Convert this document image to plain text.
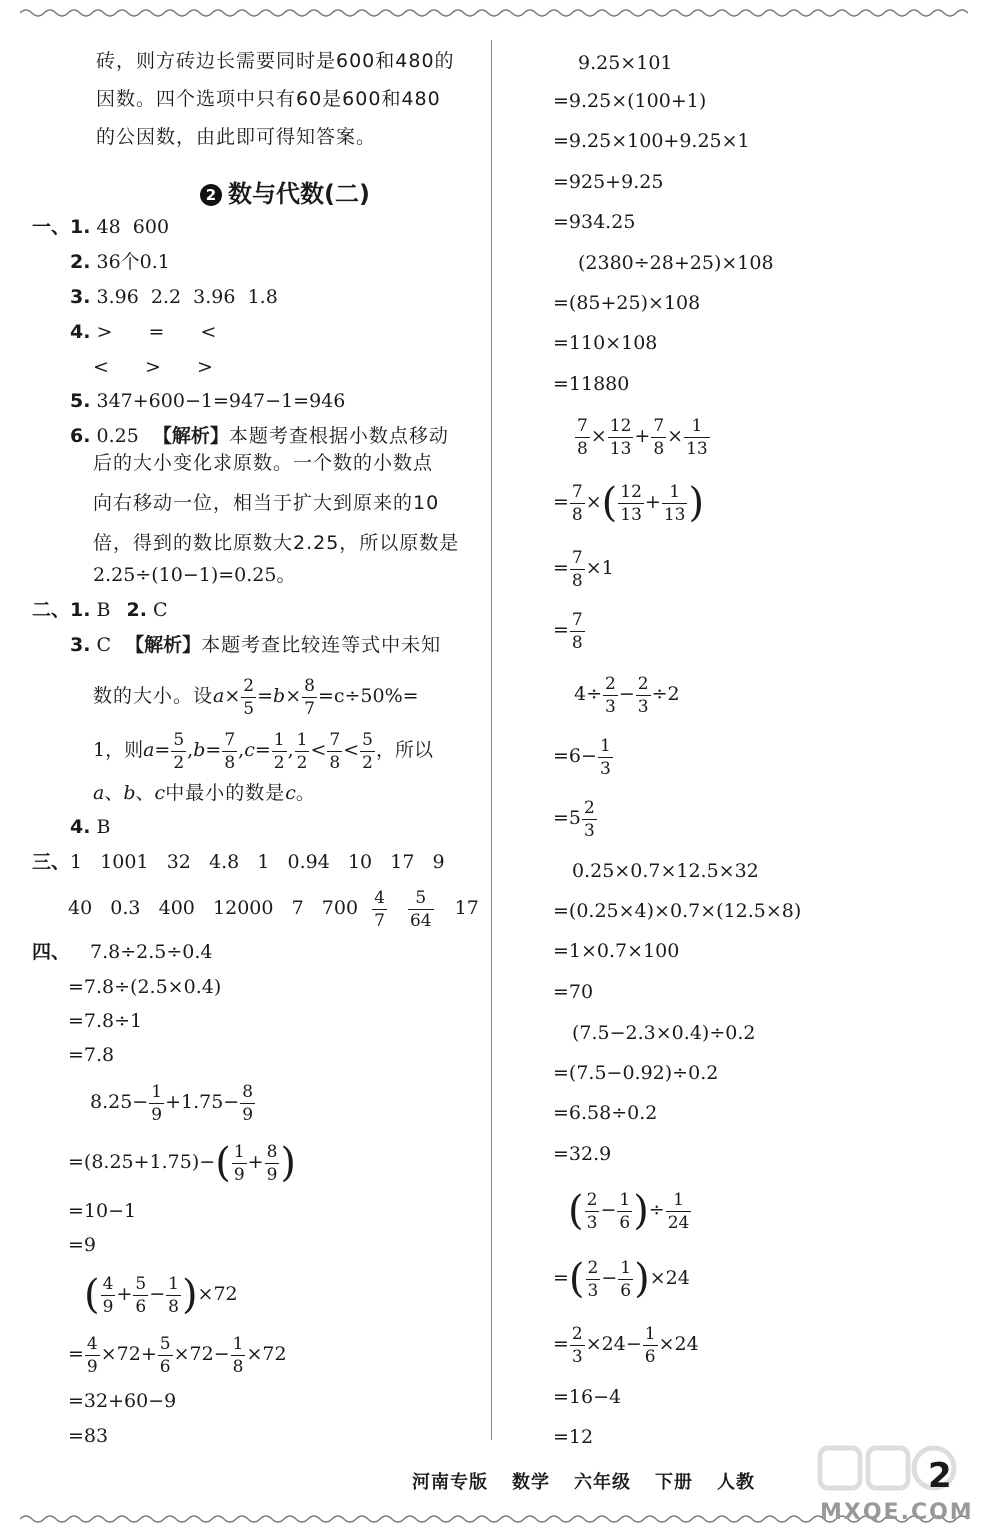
砖，则方砖边长需要同时是600和480的
因数。四个选项中只有60是600和480
的公因数，由此即可得知答案。
2 数与代数(二)
一、1. 48  600
2. 36个0.1
3. 3.96  2.2  3.96  1.8
4. >  =  <
<  >  >
5. 347+600−1=947−1=946
6. 0.25 【解析】本题考查根据小数点移动
后的大小变化求原数。一个数的小数点
向右移动一位，相当于扩大到原来的10
倍，得到的数比原数大2.25，所以原数是
2.25÷(10−1)=0.25。
二、1. B 2. C
3. C 【解析】本题考查比较连等式中未知
数的大小。设$a\times \frac{2}{5} =b\times \frac{8}{7} =c\div 50\%=$
1，则$a= \frac{5}{2} ,b= \frac{7}{8} ,c= \frac{1}{2}$ , $\frac{1}{2} < \frac{7}{8} < \frac{5}{2}$ ，所以
a、b、c中最小的数是c。
4. B
三、1   1001   32   4.8   1   0.94   10   17   9
40   0.3   400   12000   7   $700 \frac{4}{7}$
$\frac{5}{64} 17$
四、 7.8÷2.5÷0.4
=7.8÷(2.5×0.4)
=7.8÷1
=7.8
$8.25- \frac{1}{9} +1.75- \frac{8}{9}$
$=(8.25+1.75)-( \frac{1}{9} + \frac{8}{9}$ )
=10−1
=9
( $\frac{4}{9} + \frac{5}{6} - \frac{1}{8} )\times 72$
= $\frac{4}{9} \times 72+ \frac{5}{6} \times 72- \frac{1}{8} \times 72$
=32+60−9
=83
9.25×101
=9.25×(100+1)
=9.25×100+9.25×1
=925+9.25
=934.25
(2380÷28+25)×108
=(85+25)×108
=110×108
=11880
$\frac{7}{8} \times \frac{12}{13} + \frac{7}{8} \times \frac{1}{13}$
= $\frac{7}{8}$ ×( $\frac{12}{13} + \frac{1}{13}$ )
= $\frac{7}{8} \times 1$
= $\frac{7}{8}$
$4\div \frac{2}{3} - \frac{2}{3} \div 2$
$=6- \frac{1}{3}$
$=5 \frac{2}{3}$
0.25×0.7×12.5×32
=(0.25×4)×0.7×(12.5×8)
=1×0.7×100
=70
(7.5−2.3×0.4)÷0.2
=(7.5−0.92)÷0.2
=6.58÷0.2
=32.9
( $\frac{2}{3} - \frac{1}{6}$ )÷ $\frac{1}{24}$
=( $\frac{2}{3} - \frac{1}{6} )\times 24$
= $\frac{2}{3} \times 24- \frac{1}{6} \times 24$
=16−4
=12
MXQE.COM
河南专版 数学 六年级 下册 人教	2
